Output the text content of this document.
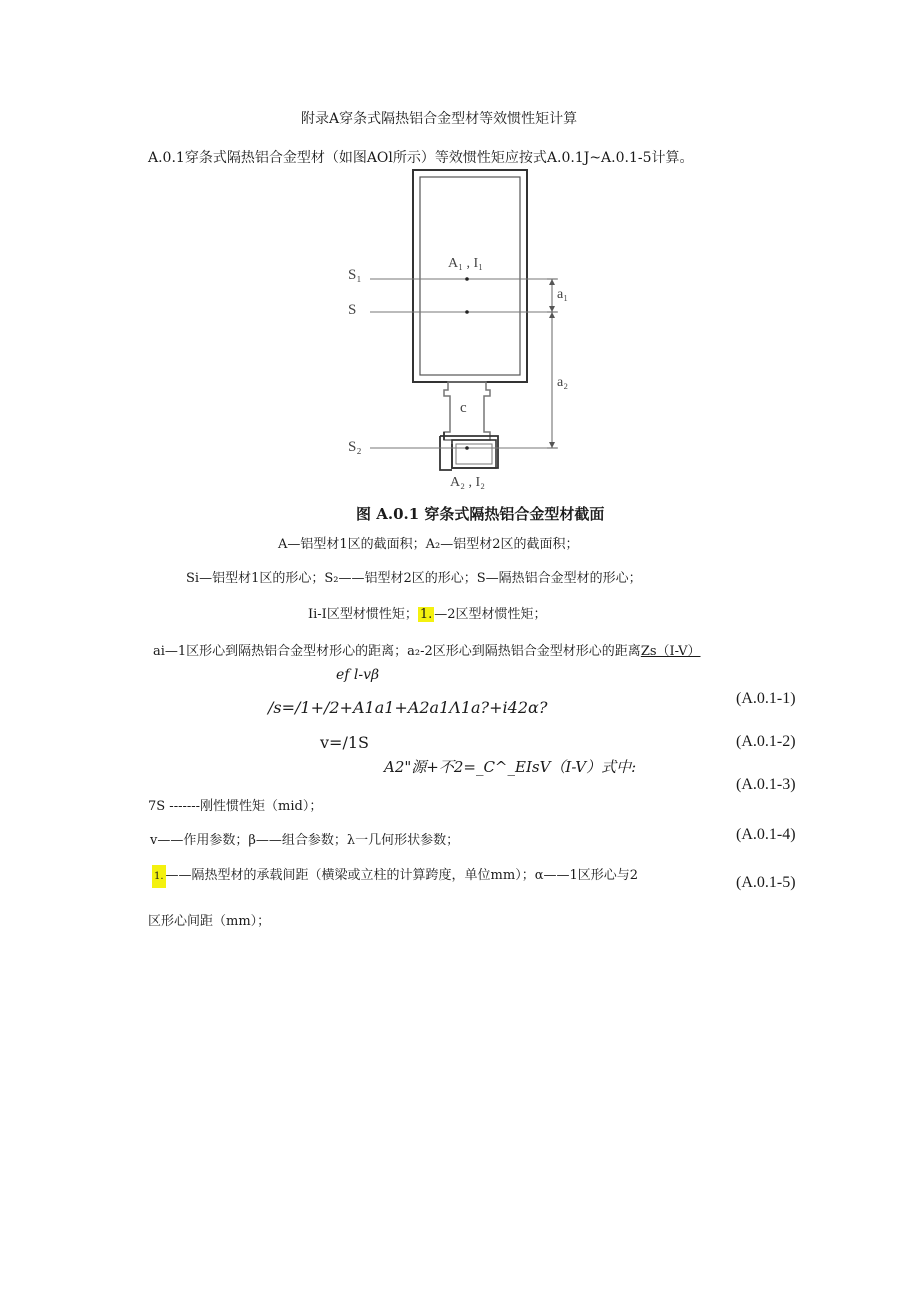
附录A穿条式隔热铝合金型材等效惯性矩计算
A.0.1穿条式隔热铝合金型材（如图AOl所示）等效惯性矩应按式A.0.1J~A.0.1-5计算。
S₁
S
S₂
A₁ , I₁
A₂ , I₂
a₁
a₂
c
图 A.0.1 穿条式隔热铝合金型材截面
A—铝型材1区的截面积；A₂—铝型材2区的截面积；
Si—铝型材1区的形心；S₂——铝型材2区的形心；S—隔热铝合金型材的形心；
Ii-I区型材惯性矩； 1. —2区型材惯性矩；
ai—1区形心到隔热铝合金型材形心的距离；a₂-2区形心到隔热铝合金型材形心的距离Zs（I-V）
ef l-vβ
/s=/1+/2+A1a1+A2a1Λ1a?+i42α?	(A.0.1-1)
v=/1S	(A.0.1-2)
A2"源+不2=_C^_EIsV（I-V）式中:
(A.0.1-3)
7S -------刚性惯性矩（mid）；
(A.0.1-4)
v——作用参数；β——组合参数；λ一几何形状参数；
1. ——隔热型材的承载间距（横梁或立柱的计算跨度，单位mm）；α——1区形心与2	(A.0.1-5)
区形心间距（mm）；
